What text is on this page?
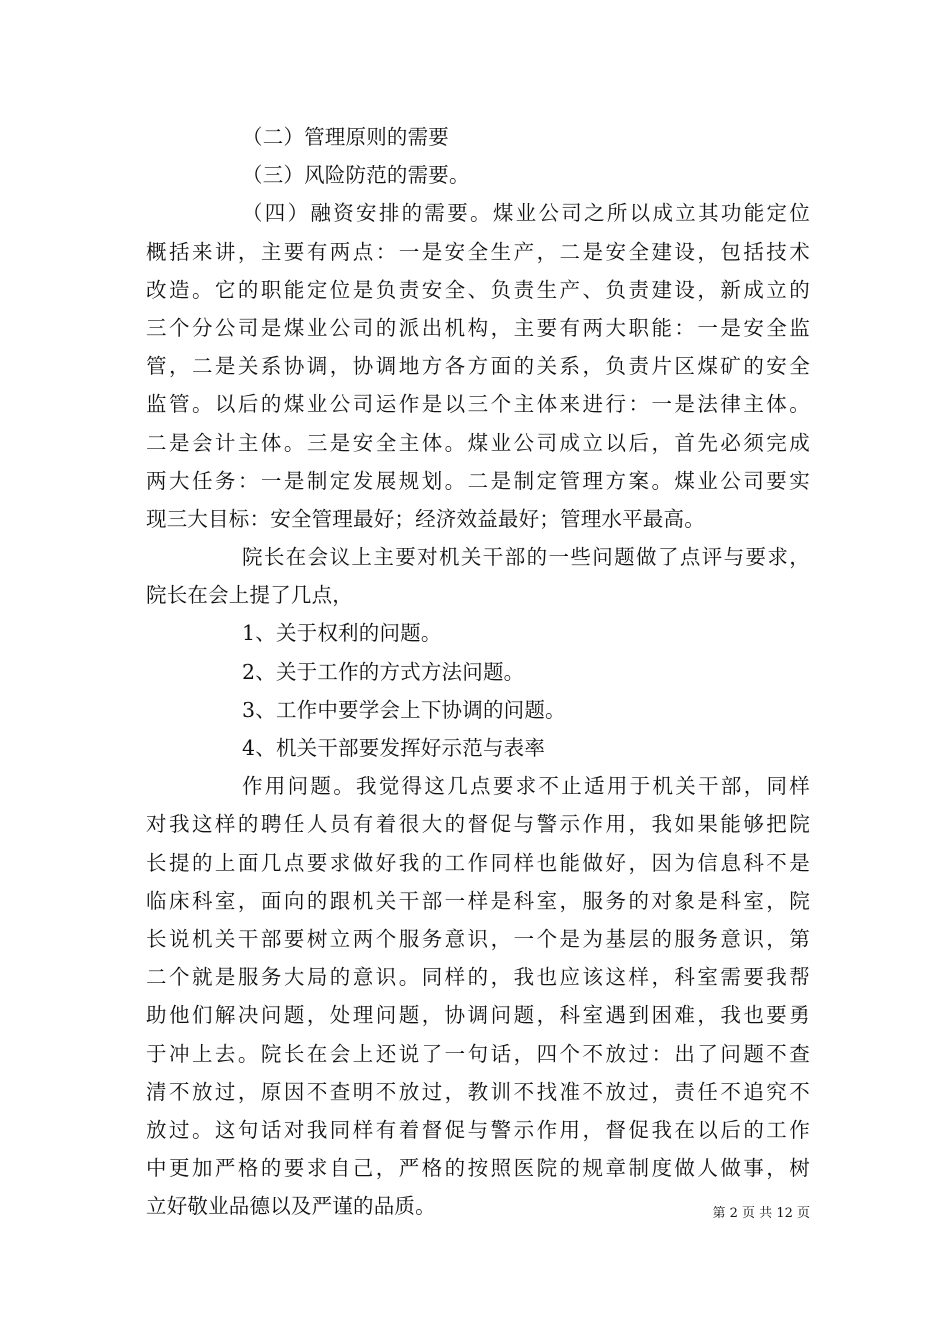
（二）管理原则的需要
（三）风险防范的需要。
（四）融资安排的需要。煤业公司之所以成立其功能定位
概括来讲，主要有两点：一是安全生产，二是安全建设，包括技术
改造。它的职能定位是负责安全、负责生产、负责建设，新成立的
三个分公司是煤业公司的派出机构，主要有两大职能：一是安全监
管，二是关系协调，协调地方各方面的关系，负责片区煤矿的安全
监管。以后的煤业公司运作是以三个主体来进行：一是法律主体。
二是会计主体。三是安全主体。煤业公司成立以后，首先必须完成
两大任务：一是制定发展规划。二是制定管理方案。煤业公司要实
现三大目标：安全管理最好；经济效益最好；管理水平最高。
院长在会议上主要对机关干部的一些问题做了点评与要求，
院长在会上提了几点，
1、关于权利的问题。
2、关于工作的方式方法问题。
3、工作中要学会上下协调的问题。
4、机关干部要发挥好示范与表率
作用问题。我觉得这几点要求不止适用于机关干部，同样
对我这样的聘任人员有着很大的督促与警示作用，我如果能够把院
长提的上面几点要求做好我的工作同样也能做好，因为信息科不是
临床科室，面向的跟机关干部一样是科室，服务的对象是科室，院
长说机关干部要树立两个服务意识，一个是为基层的服务意识，第
二个就是服务大局的意识。同样的，我也应该这样，科室需要我帮
助他们解决问题，处理问题，协调问题，科室遇到困难，我也要勇
于冲上去。院长在会上还说了一句话，四个不放过：出了问题不查
清不放过，原因不查明不放过，教训不找准不放过，责任不追究不
放过。这句话对我同样有着督促与警示作用，督促我在以后的工作
中更加严格的要求自己，严格的按照医院的规章制度做人做事，树
立好敬业品德以及严谨的品质。	第 2 页 共 12 页
